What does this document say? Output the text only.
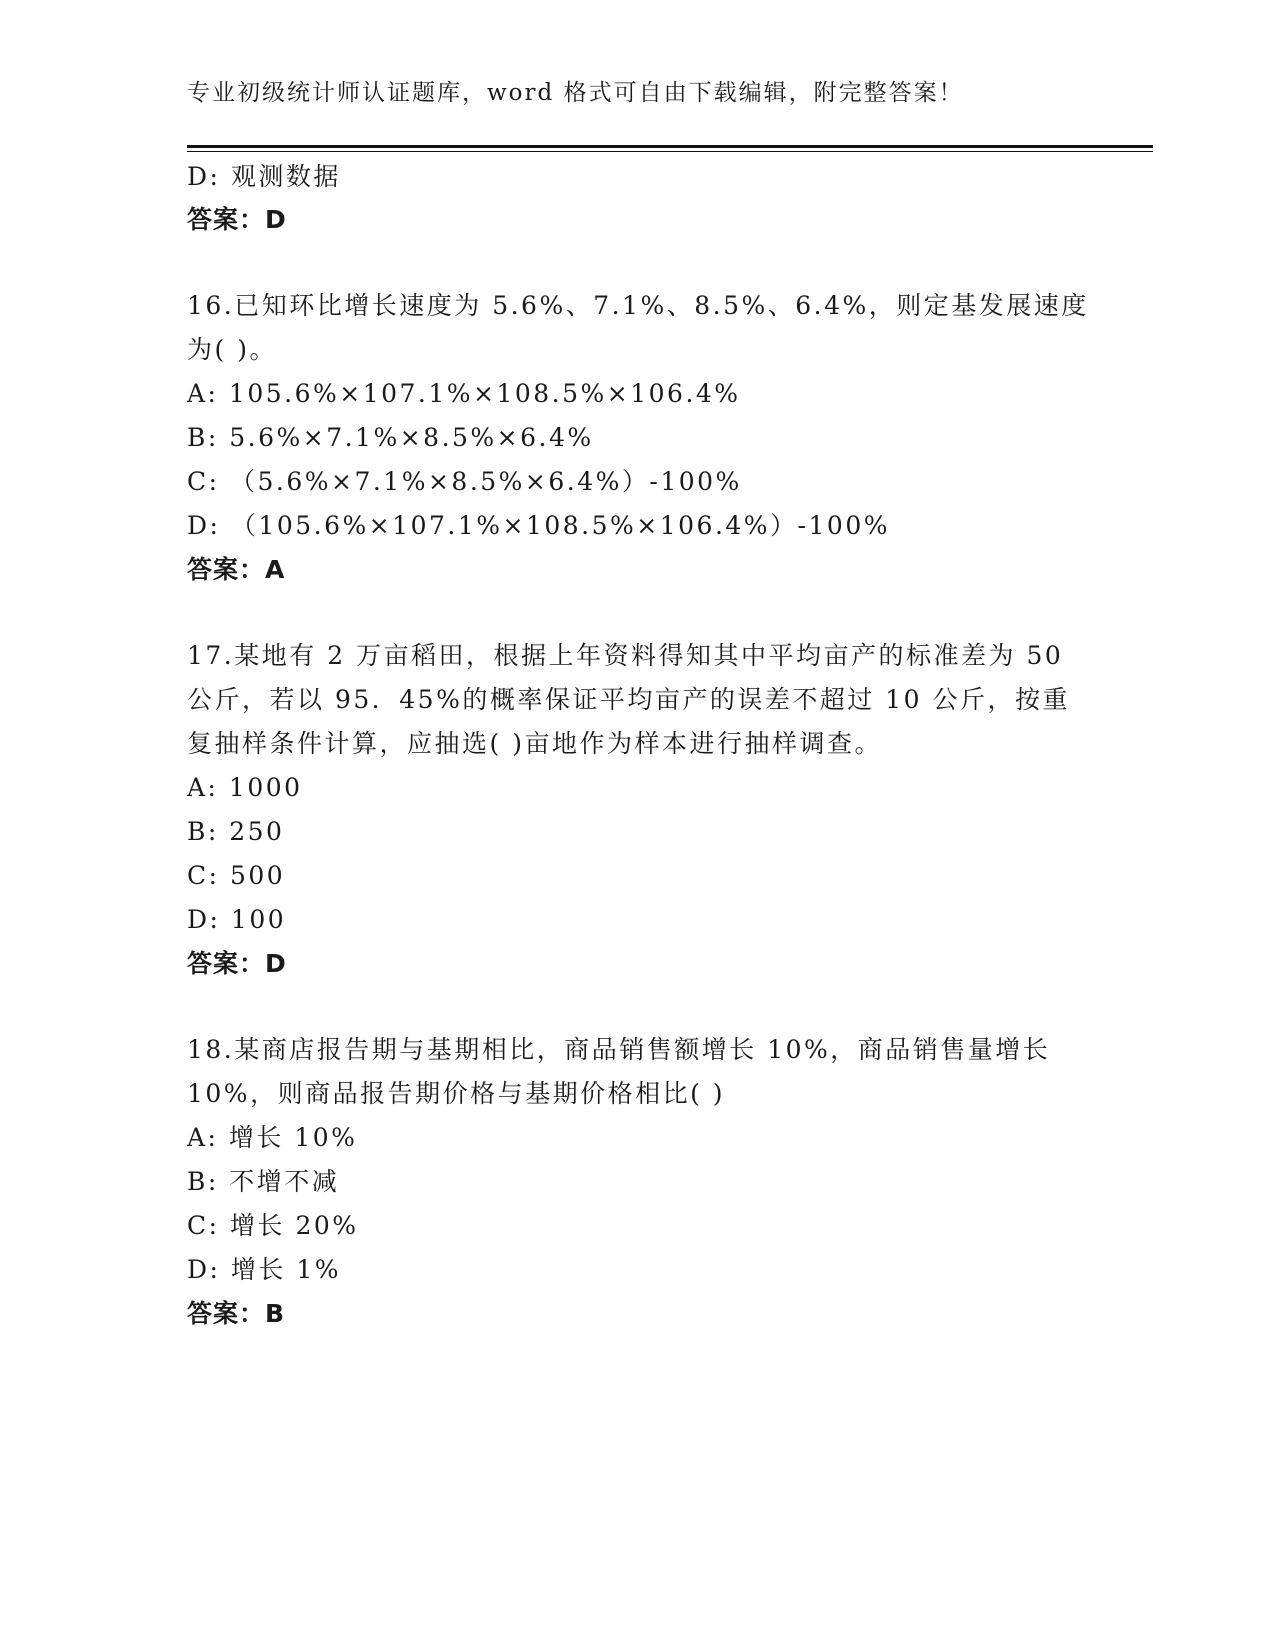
专业初级统计师认证题库，word 格式可自由下载编辑，附完整答案！
D: 观测数据
答案：D
16.已知环比增长速度为 5.6%、7.1%、8.5%、6.4%，则定基发展速度
为( )。
A: 105.6%×107.1%×108.5%×106.4%
B: 5.6%×7.1%×8.5%×6.4%
C: （5.6%×7.1%×8.5%×6.4%）-100%
D: （105.6%×107.1%×108.5%×106.4%）-100%
答案：A
17.某地有 2 万亩稻田，根据上年资料得知其中平均亩产的标准差为 50
公斤，若以 95．45%的概率保证平均亩产的误差不超过 10 公斤，按重
复抽样条件计算，应抽选( )亩地作为样本进行抽样调查。
A: 1000
B: 250
C: 500
D: 100
答案：D
18.某商店报告期与基期相比，商品销售额增长 10%，商品销售量增长
10%，则商品报告期价格与基期价格相比( )
A: 增长 10%
B: 不增不减
C: 增长 20%
D: 增长 1%
答案：B
